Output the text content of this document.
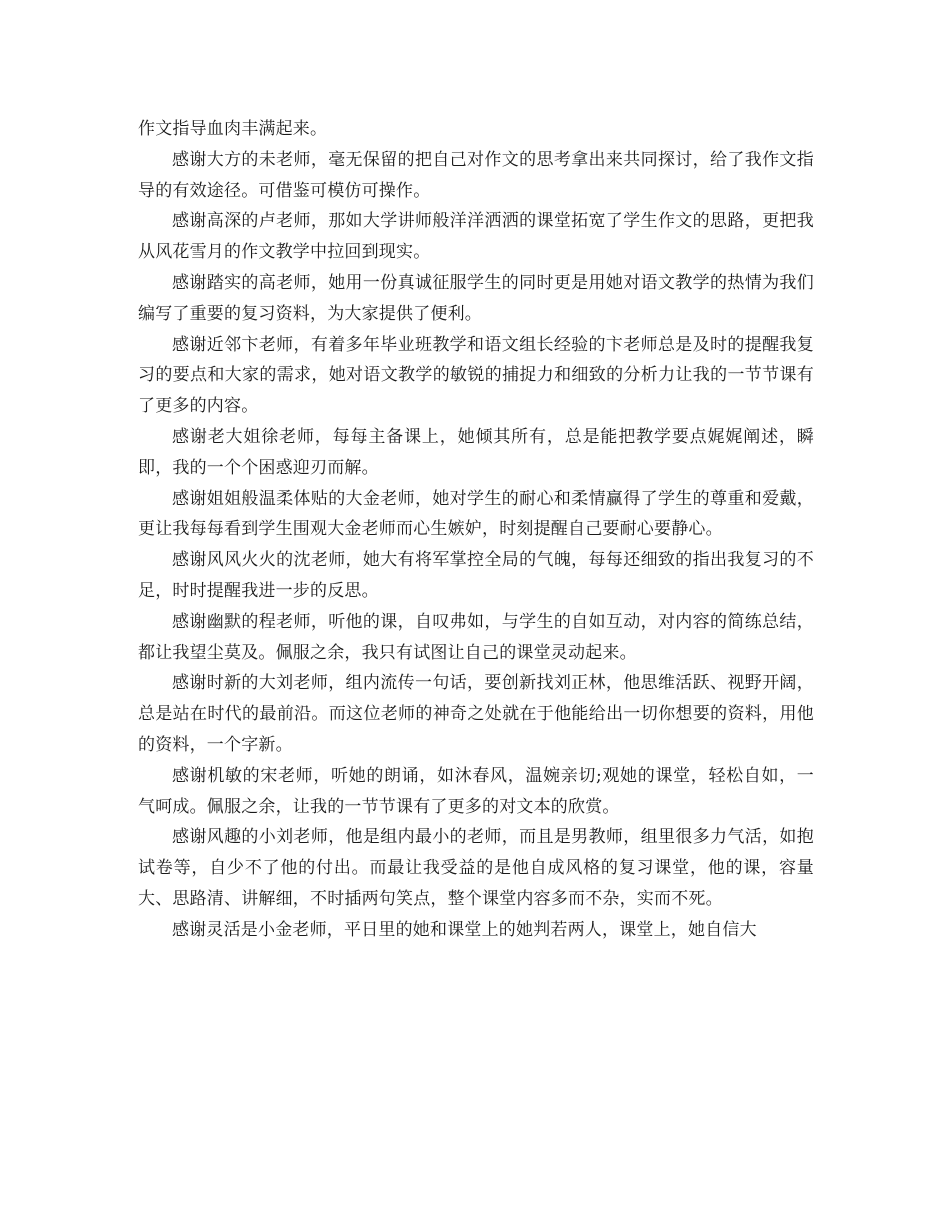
作文指导血肉丰满起来。

感谢大方的未老师，毫无保留的把自己对作文的思考拿出来共同探讨，给了我作文指导的有效途径。可借鉴可模仿可操作。

感谢高深的卢老师，那如大学讲师般洋洋洒洒的课堂拓宽了学生作文的思路，更把我从风花雪月的作文教学中拉回到现实。

感谢踏实的高老师，她用一份真诚征服学生的同时更是用她对语文教学的热情为我们编写了重要的复习资料，为大家提供了便利。

感谢近邻卞老师，有着多年毕业班教学和语文组长经验的卞老师总是及时的提醒我复习的要点和大家的需求，她对语文教学的敏锐的捕捉力和细致的分析力让我的一节节课有了更多的内容。

感谢老大姐徐老师，每每主备课上，她倾其所有，总是能把教学要点娓娓阐述，瞬即，我的一个个困惑迎刃而解。

感谢姐姐般温柔体贴的大金老师，她对学生的耐心和柔情赢得了学生的尊重和爱戴，更让我每每看到学生围观大金老师而心生嫉妒，时刻提醒自己要耐心要静心。

感谢风风火火的沈老师，她大有将军掌控全局的气魄，每每还细致的指出我复习的不足，时时提醒我进一步的反思。

感谢幽默的程老师，听他的课，自叹弗如，与学生的自如互动，对内容的简练总结，都让我望尘莫及。佩服之余，我只有试图让自己的课堂灵动起来。

感谢时新的大刘老师，组内流传一句话，要创新找刘正林，他思维活跃、视野开阔，总是站在时代的最前沿。而这位老师的神奇之处就在于他能给出一切你想要的资料，用他的资料，一个字新。

感谢机敏的宋老师，听她的朗诵，如沐春风，温婉亲切;观她的课堂，轻松自如，一气呵成。佩服之余，让我的一节节课有了更多的对文本的欣赏。

感谢风趣的小刘老师，他是组内最小的老师，而且是男教师，组里很多力气活，如抱试卷等，自少不了他的付出。而最让我受益的是他自成风格的复习课堂，他的课，容量大、思路清、讲解细，不时插两句笑点，整个课堂内容多而不杂，实而不死。

感谢灵活是小金老师，平日里的她和课堂上的她判若两人，课堂上，她自信大
